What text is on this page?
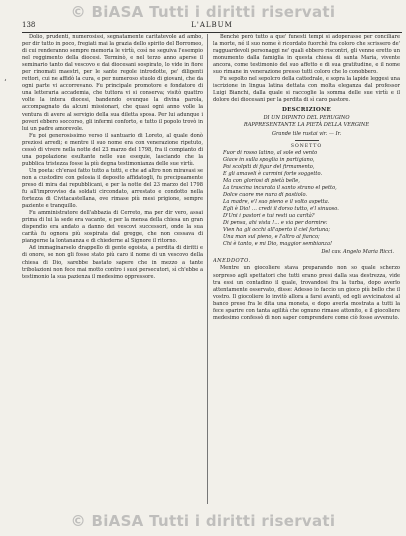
© BiASA Tutti i diritti riservati
138	L'ALBUM
‘

Dolio, prudenti, numerosissi, segnatamente caritatevole ad ambo, per dir tutto in poco, fregiati mai la grazia dello spirito del Borromeo, di cui renderanno sempre memoria le virtù, così ne seguiva l'esempio nel reggimento della diocesi. Terminò, e nel terzo anno aperse il seminario tanto dal vescovo e dai diocesani sospirato, lo vide in fiore per rinomati maestri, per le sante regole introdotte, pe' diligenti rettori, cui ne affidò la cura, e per numeroso stuolo di giovani, che da ogni parte vi accorrevano. Fu principale promotore e fondatore di una letteraria accademia, che tuttora vi si conserva; visitò quattro volte la intera diocesi, bandendo ovunque la divina parola, accompagnato da alcuni missionari, che quasi ogni anno volle la ventura di avere al servigio della sua diletta sposa. Per lui adunque i poveri ebbero soccorso, gli infermi conforto, e tutto il popolo trovò in lui un padre amorevole.

Fu poi generosissimo verso il santuario di Loreto, al quale donò preziosi arredi; e mentre il suo nome era con venerazione ripetuto, cessò di vivere nella notte del 23 marzo del 1798, fra il compianto di una popolazione esultante nelle sue esequie, lasciando che la pubblica tristezza fosse la più degna testimonianza delle sue virtù.

Un poeta: ch'erasi fatto tutto a tutti, e che ad altro non miravasi se non a custodire con gelosia il deposito affidatogli, fu precipuamente preso di mira dai repubblicani, e per la notte del 23 marzo del 1798 fu all'improvviso da soldati circondato, arrestato e condotto nella fortezza di Civitacastellana, ove rimase più mesi prigione, sempre paziente e tranquillo.

Fu amministratore dell'abbazia di Cerreto, ma per dir vero, assai prima di lui la sede era vacante, e per la mensa della chiesa un gran dispendio era andato a danno dei vescovi successori, onde la sua carità fu ognora più sospirata dal gregge, che non cessava di piangerne la lontananza e di chiederne al Signore il ritorno.

Ad immaginarselo drappello di gente egoista, a perdita di diritti e di onore, se non gli fosse stato più caro il nome di un vescovo della chiesa di Dio, sarebbe bastato sapere che in mezzo a tante tribolazioni non fece mai motto contro i suoi persecutori, sì ch'ebbe a testimonio la sua pazienza il medesimo oppressore.

Benchè però tutto a que' funesti tempi si adoperasse per conciliare la morte, né il suo nome è ricordato fuorchè fra coloro che scrissero de' ragguardevoli personaggi ne' quali ebbero riscontri, gli venne eretto un monumento dalla famiglia in questa chiesa di santa Maria, vivente ancora, come testimonio del suo affetto e di sua gratitudine, e il nome suo rimane in venerazione presso tutti coloro che lo conobbero.

Fu sepolto nel sepolcro della cattedrale, e sopra la lapide leggesi una iscrizione in lingua latina dettata con molta eleganza dal professor Luigi Bianchi, dalla quale si raccoglie la somma delle sue virtù e il dolore dei diocesani per la perdita di sì caro pastore.

DESCRIZIONE
DI UN DIPINTO DEL PERUGINO
RAPPRESENTANTE LA PIETÀ DELLA VERGINE
Grande tile rustai vir. — Ir.
SONETTO
Fuor di rosso latino, al sole ed vento
Giace in sulla spoglia in partigiano,
Poi scolpiti di figur del firmamento,
E gli amaveli è carmini forte soggetto.
Ma con gloriosi di pietà belle,
La trascina incurata il santo strano el petto,
Dolce cuore me nura di pastiolo.
La madre, e'l suo pieno e il volto aspetta.
Egli è Dio! … credi il dorso tutto, e'l sinuoso.
D'Uni i pastori e tui resti ua carità?
Di pensa, ahi vista !… e via per dormire:
Vien ha gli occhi all'aperto il ciel fortuna;
Una man sul pieno, e l'altro al fianco;
Chi è tanto, e mi Dio, maggior sembianza!
Del cav. Angelo Maria Ricci.
ANEDDOTO.

Mentre un giocoliere stava preparando non so quale scherzo sorpreso agli spettatori che tutti erano presi dalla sua destrezza, vide tra essi un contadino il quale, trovandosi fra la turba, dopo averlo attentamente osservato, disse: Adesso io faccio un gioco più bello che il vostro. Il giocoliere lo invitò allora a farsi avanti, ed egli avvicinatosi al banco prese fra le dita una moneta, e dopo averla mostrata a tutti la fece sparire con tanta agilità che ognuno rimase attonito, e il giocoliere medesimo confessò di non saper comprendere come ciò fosse avvenuto.

© BiASA Tutti i diritti riservati
